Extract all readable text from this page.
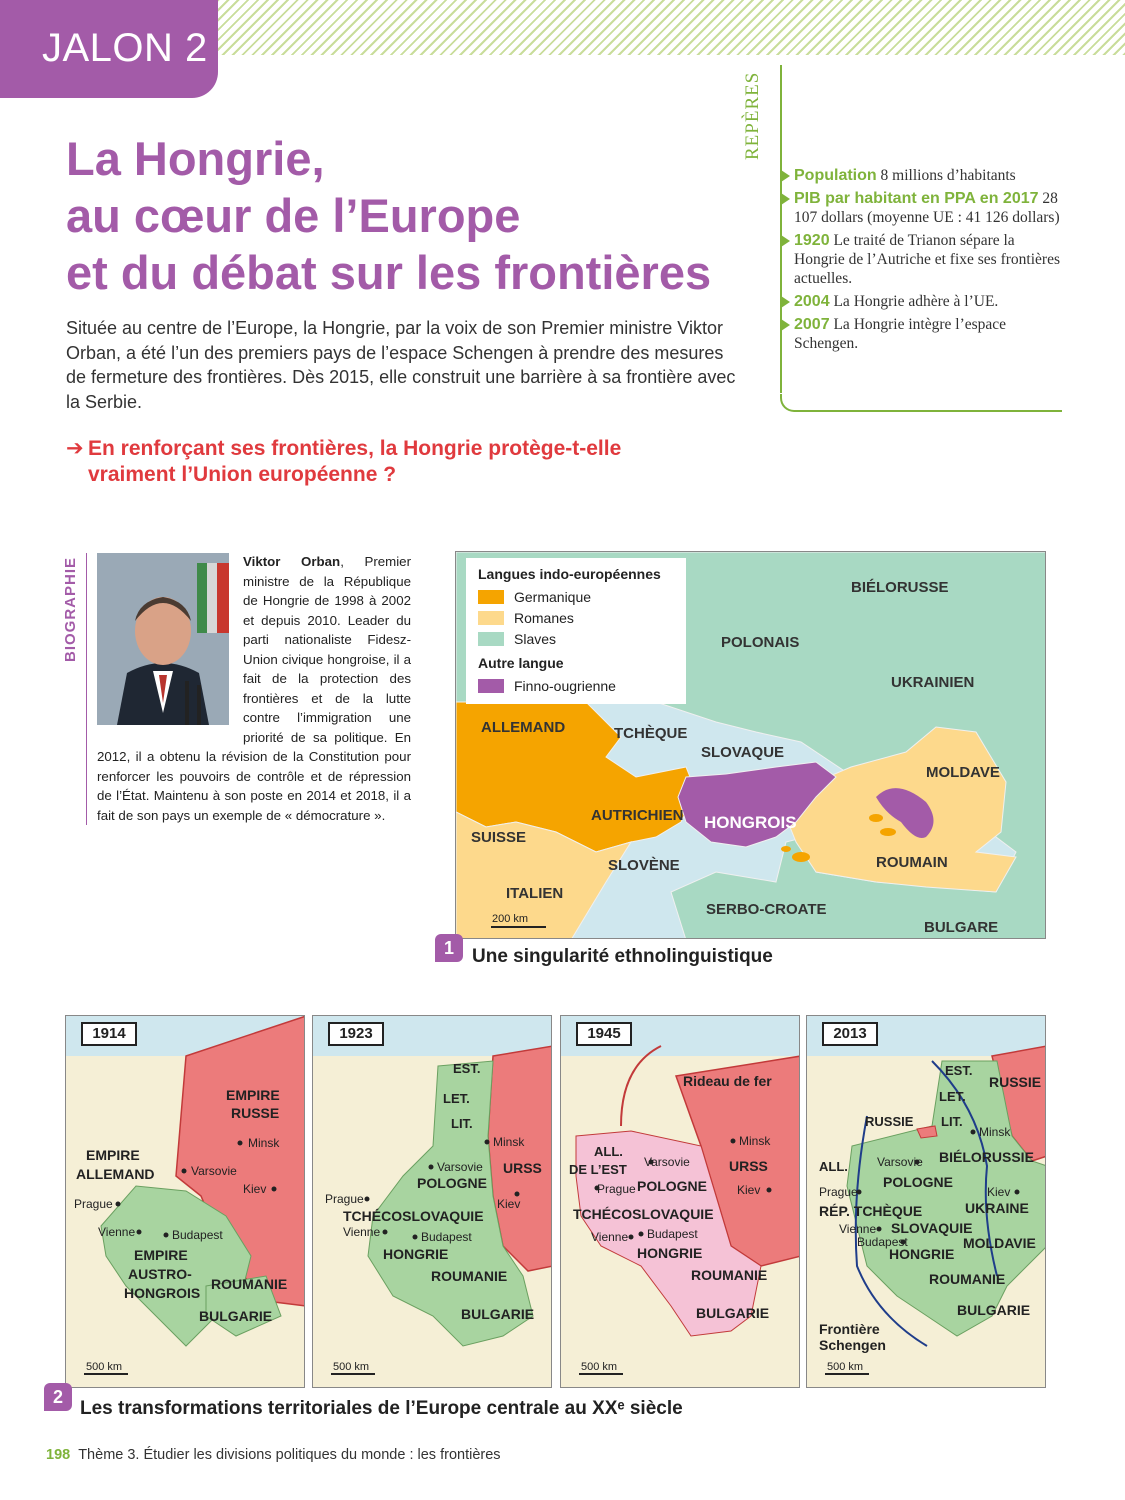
JALON 2
La Hongrie,
au cœur de l’Europe
et du débat sur les frontières

Située au centre de l’Europe, la Hongrie, par la voix de son Premier ministre Viktor Orban, a été l’un des premiers pays de l’espace Schengen à prendre des mesures de fermeture des frontières. Dès 2015, elle construit une barrière à sa frontière avec la Serbie.

➔ En renforçant ses frontières, la Hongrie protège-t-elle
vraiment l’Union européenne ?
REPÈRES
Population 8 millions d’habitants
PIB par habitant en PPA en 2017 28 107 dollars (moyenne UE : 41 126 dollars)
1920 Le traité de Trianon sépare la Hongrie de l’Autriche et fixe ses frontières actuelles.
2004 La Hongrie adhère à l’UE.
2007 La Hongrie intègre l’espace Schengen.
BIOGRAPHIE	Viktor Orban, Premier ministre de la République de Hongrie de 1998 à 2002 et depuis 2010. Leader du parti nationaliste Fidesz-Union civique hongroise, il a fait de la protection des frontières et de la lutte contre l’immigration une priorité de sa politique. En 2012, il a obtenu la révision de la Constitution pour renforcer les pouvoirs de contrôle et de répression de l’État. Maintenu à son poste en 2014 et 2018, il a fait de son pays un exemple de « démocrature ».
BIÉLORUSSE
POLONAIS
UKRAINIEN
ALLEMAND	TCHÈQUE
SLOVAQUE
MOLDAVE
HONGROIS
SUISSE
AUTRICHIEN
SLOVÈNE	ROUMAIN
ITALIEN
SERBO-CROATE
BULGARE
200 km
Langues indo-européennes
Germanique
Romanes
Slaves
Autre langue
Finno-ougrienne
1 Une singularité ethnolinguistique
EMPIRE
RUSSE
Minsk
EMPIRE
ALLEMAND	Varsovie
Kiev
Prague
Vienne	Budapest
EMPIRE
AUSTRO-
HONGROIS
ROUMANIE
BULGARIE
500 km
1914
EST.
LET.
LIT.
Minsk
Varsovie URSS
POLOGNE
Kiev
Prague
TCHÉCOSLOVAQUIE
Vienne	Budapest
HONGRIE
ROUMANIE
BULGARIE
500 km
1923
Rideau de fer
Minsk
ALL.
DE L’EST Varsovie	URSS
POLOGNE
Prague	Kiev
TCHÉCOSLOVAQUIE
Budapest
Vienne
HONGRIE
ROUMANIE
BULGARIE
500 km
1945
EST.
RUSSIE
LET.
RUSSIE LIT.
Minsk
ALL. Varsovie BIÉLORUSSIE
POLOGNE
Prague	Kiev
RÉP. TCHÈQUE	UKRAINE
Vienne SLOVAQUIE
Budapest	MOLDAVIE
HONGRIE
ROUMANIE
BULGARIE
Frontière
Schengen
500 km
2013
2
Les transformations territoriales de l’Europe centrale au XXᵉ siècle
198 Thème 3. Étudier les divisions politiques du monde : les frontières
